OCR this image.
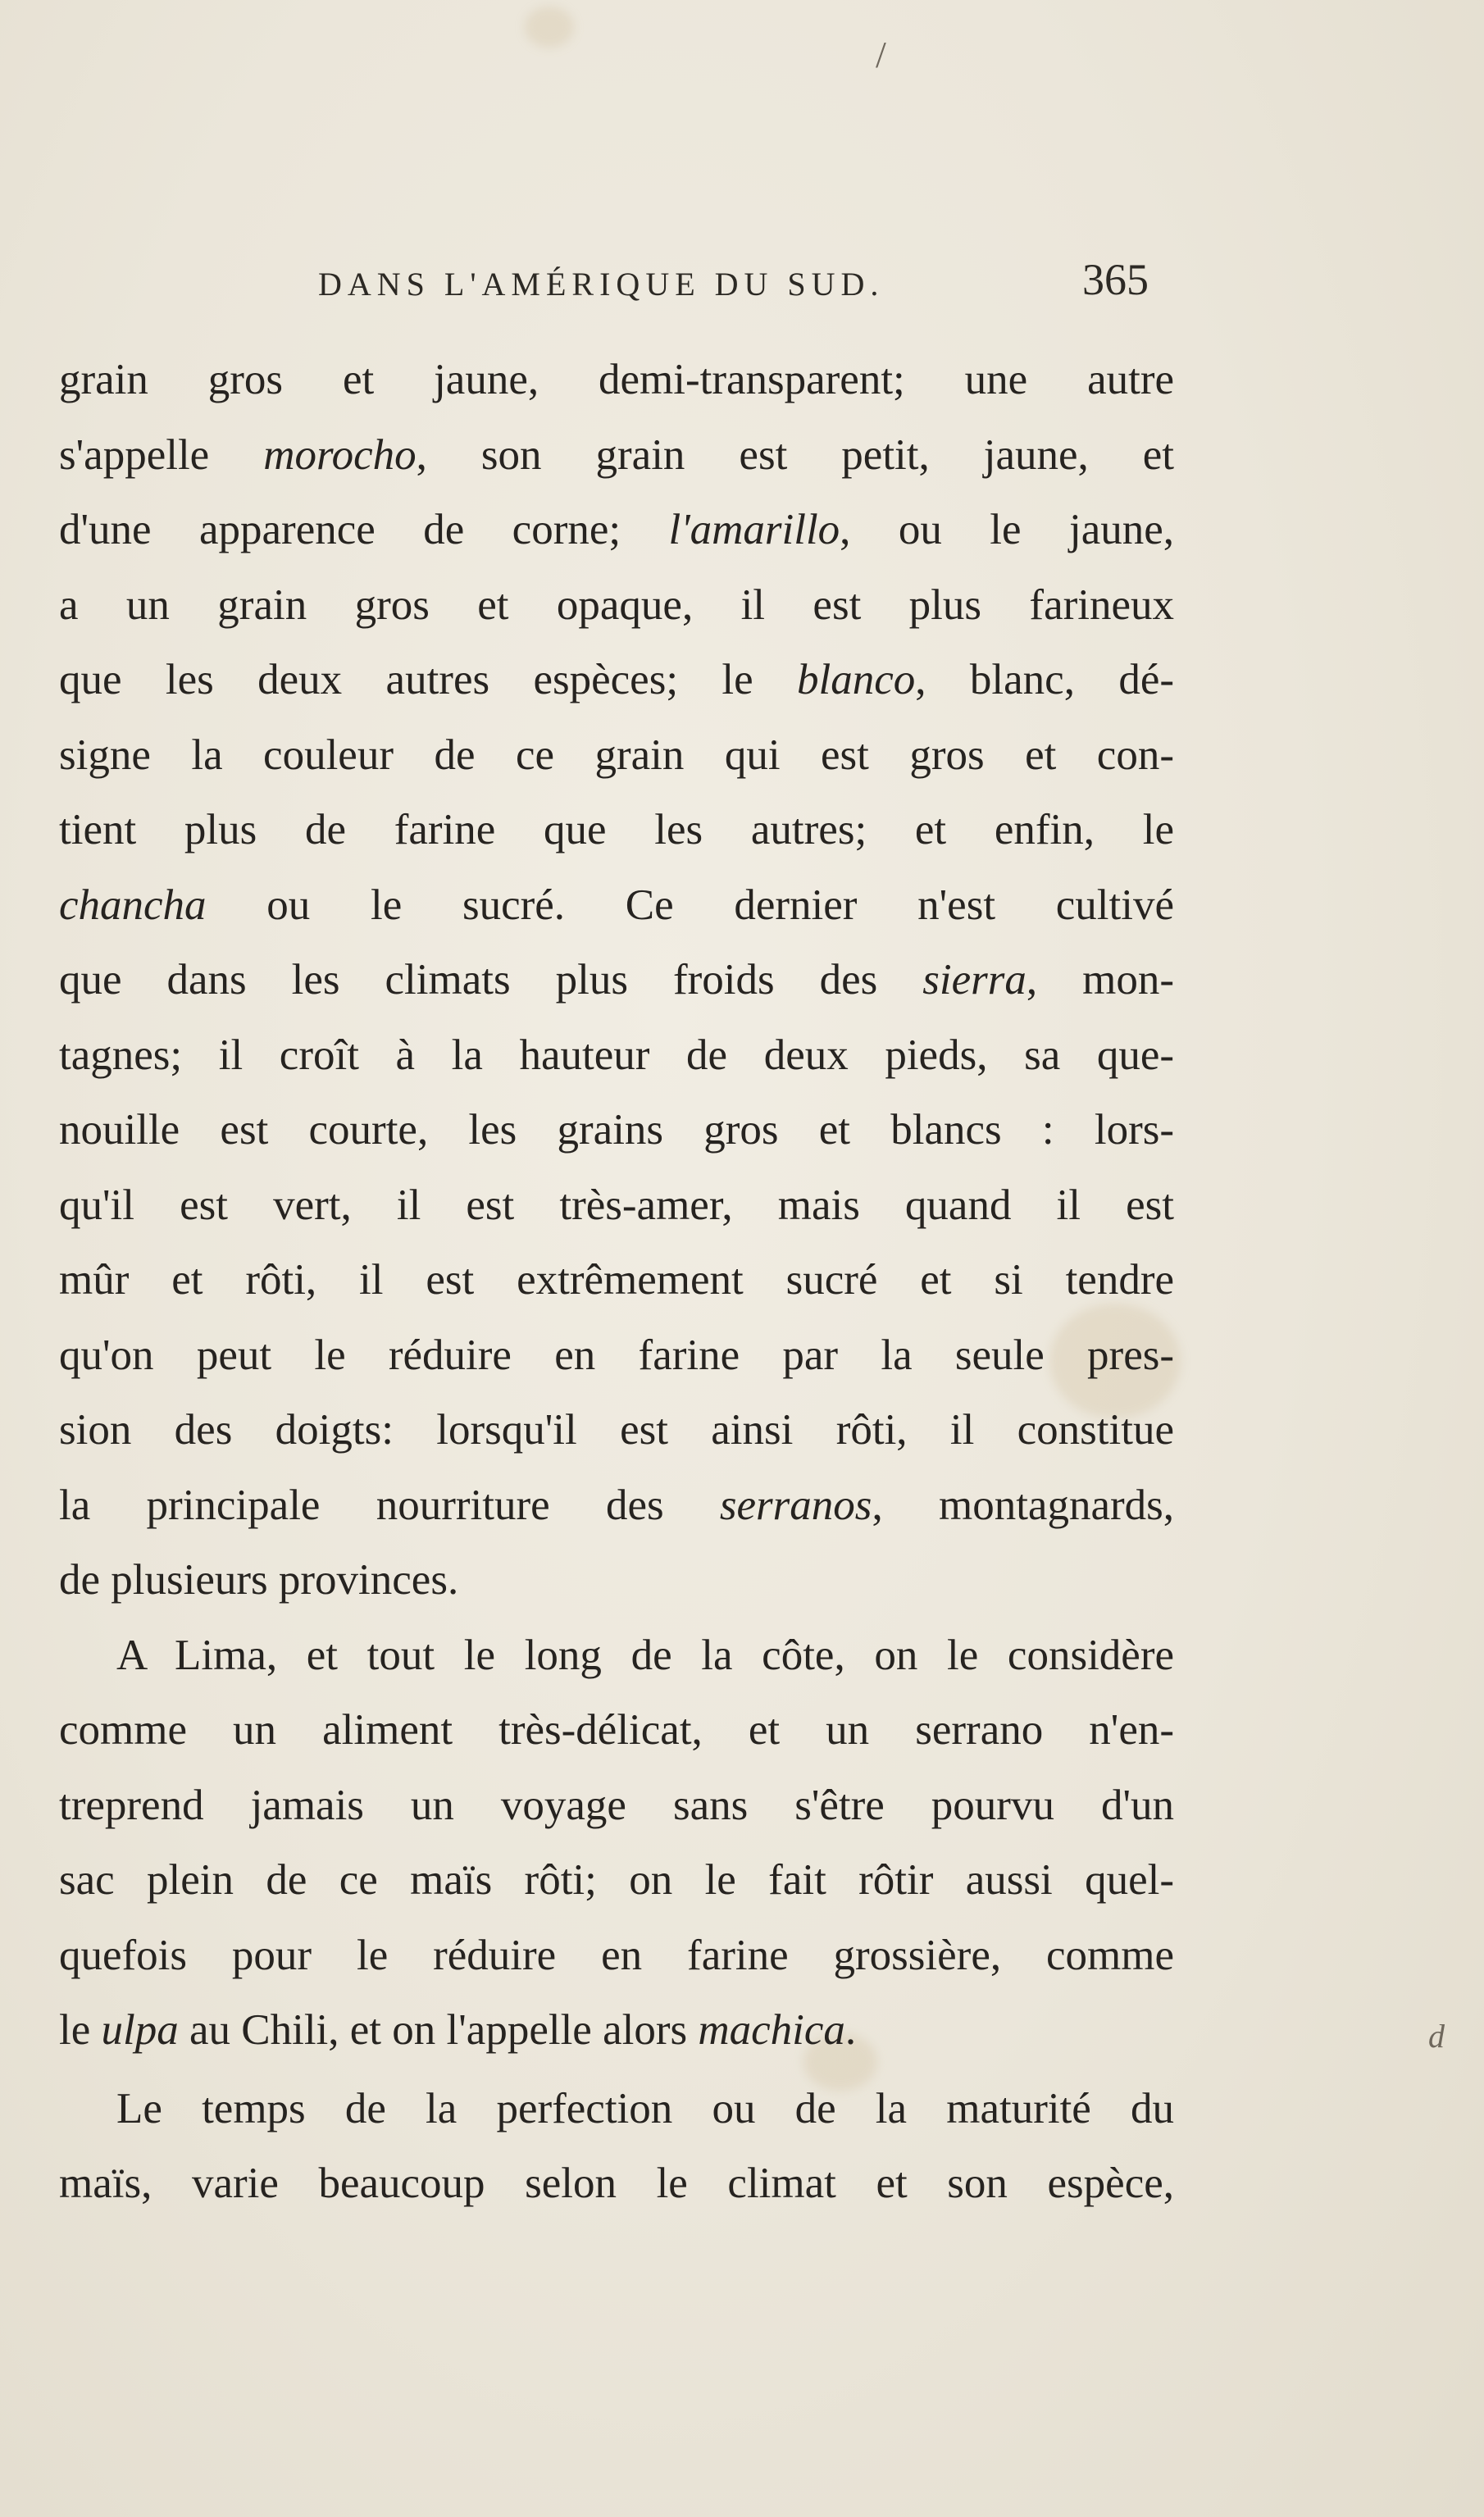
/
d
DANS L'AMÉRIQUE DU SUD.	365
grain gros et jaune, demi-transparent; une autre
s'appelle morocho, son grain est petit, jaune, et
d'une apparence de corne; l'amarillo, ou le jaune,
a un grain gros et opaque, il est plus farineux
que les deux autres espèces; le blanco, blanc, dé-
signe la couleur de ce grain qui est gros et con-
tient plus de farine que les autres; et enfin, le
chancha ou le sucré. Ce dernier n'est cultivé
que dans les climats plus froids des sierra, mon-
tagnes; il croît à la hauteur de deux pieds, sa que-
nouille est courte, les grains gros et blancs : lors-
qu'il est vert, il est très-amer, mais quand il est
mûr et rôti, il est extrêmement sucré et si tendre
qu'on peut le réduire en farine par la seule pres-
sion des doigts: lorsqu'il est ainsi rôti, il constitue
la principale nourriture des serranos, montagnards,
de plusieurs provinces.
A Lima, et tout le long de la côte, on le considère
comme un aliment très-délicat, et un serrano n'en-
treprend jamais un voyage sans s'être pourvu d'un
sac plein de ce maïs rôti; on le fait rôtir aussi quel-
quefois pour le réduire en farine grossière, comme
le ulpa au Chili, et on l'appelle alors machica.
Le temps de la perfection ou de la maturité du
maïs, varie beaucoup selon le climat et son espèce,
